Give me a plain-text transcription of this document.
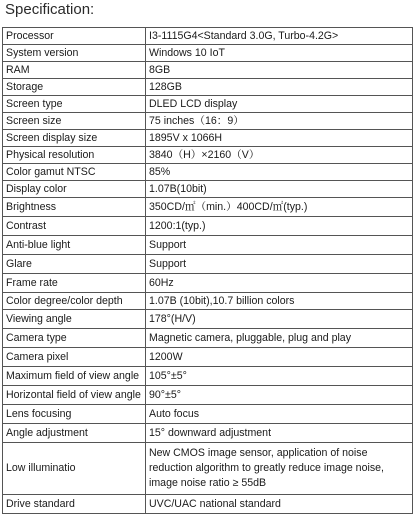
Specification:
Processor	I3-1115G4<Standard 3.0G, Turbo-4.2G>
System version	Windows 10 IoT
RAM	8GB
Storage	128GB
Screen type	DLED LCD display
Screen size	75 inches（16：9）
Screen display size	1895V x 1066H
Physical resolution	3840（H）×2160（V）
Color gamut NTSC	85%
Display color	1.07B(10bit)
Brightness	350CD/㎡（min.）400CD/㎡(typ.)
Contrast	1200:1(typ.)
Anti-blue light	Support
Glare	Support
Frame rate	60Hz
Color degree/color depth	1.07B (10bit),10.7 billion colors
Viewing angle	178°(H/V)
Camera type	Magnetic camera, pluggable, plug and play
Camera pixel	1200W
Maximum field of view angle	105°±5°
Horizontal field of view angle	90°±5°
Lens focusing	Auto focus
Angle adjustment	15° downward adjustment
Low illuminatio	New CMOS image sensor, application of noise reduction algorithm to greatly reduce image noise, image noise ratio ≥ 55dB
Drive standard	UVC/UAC national standard
